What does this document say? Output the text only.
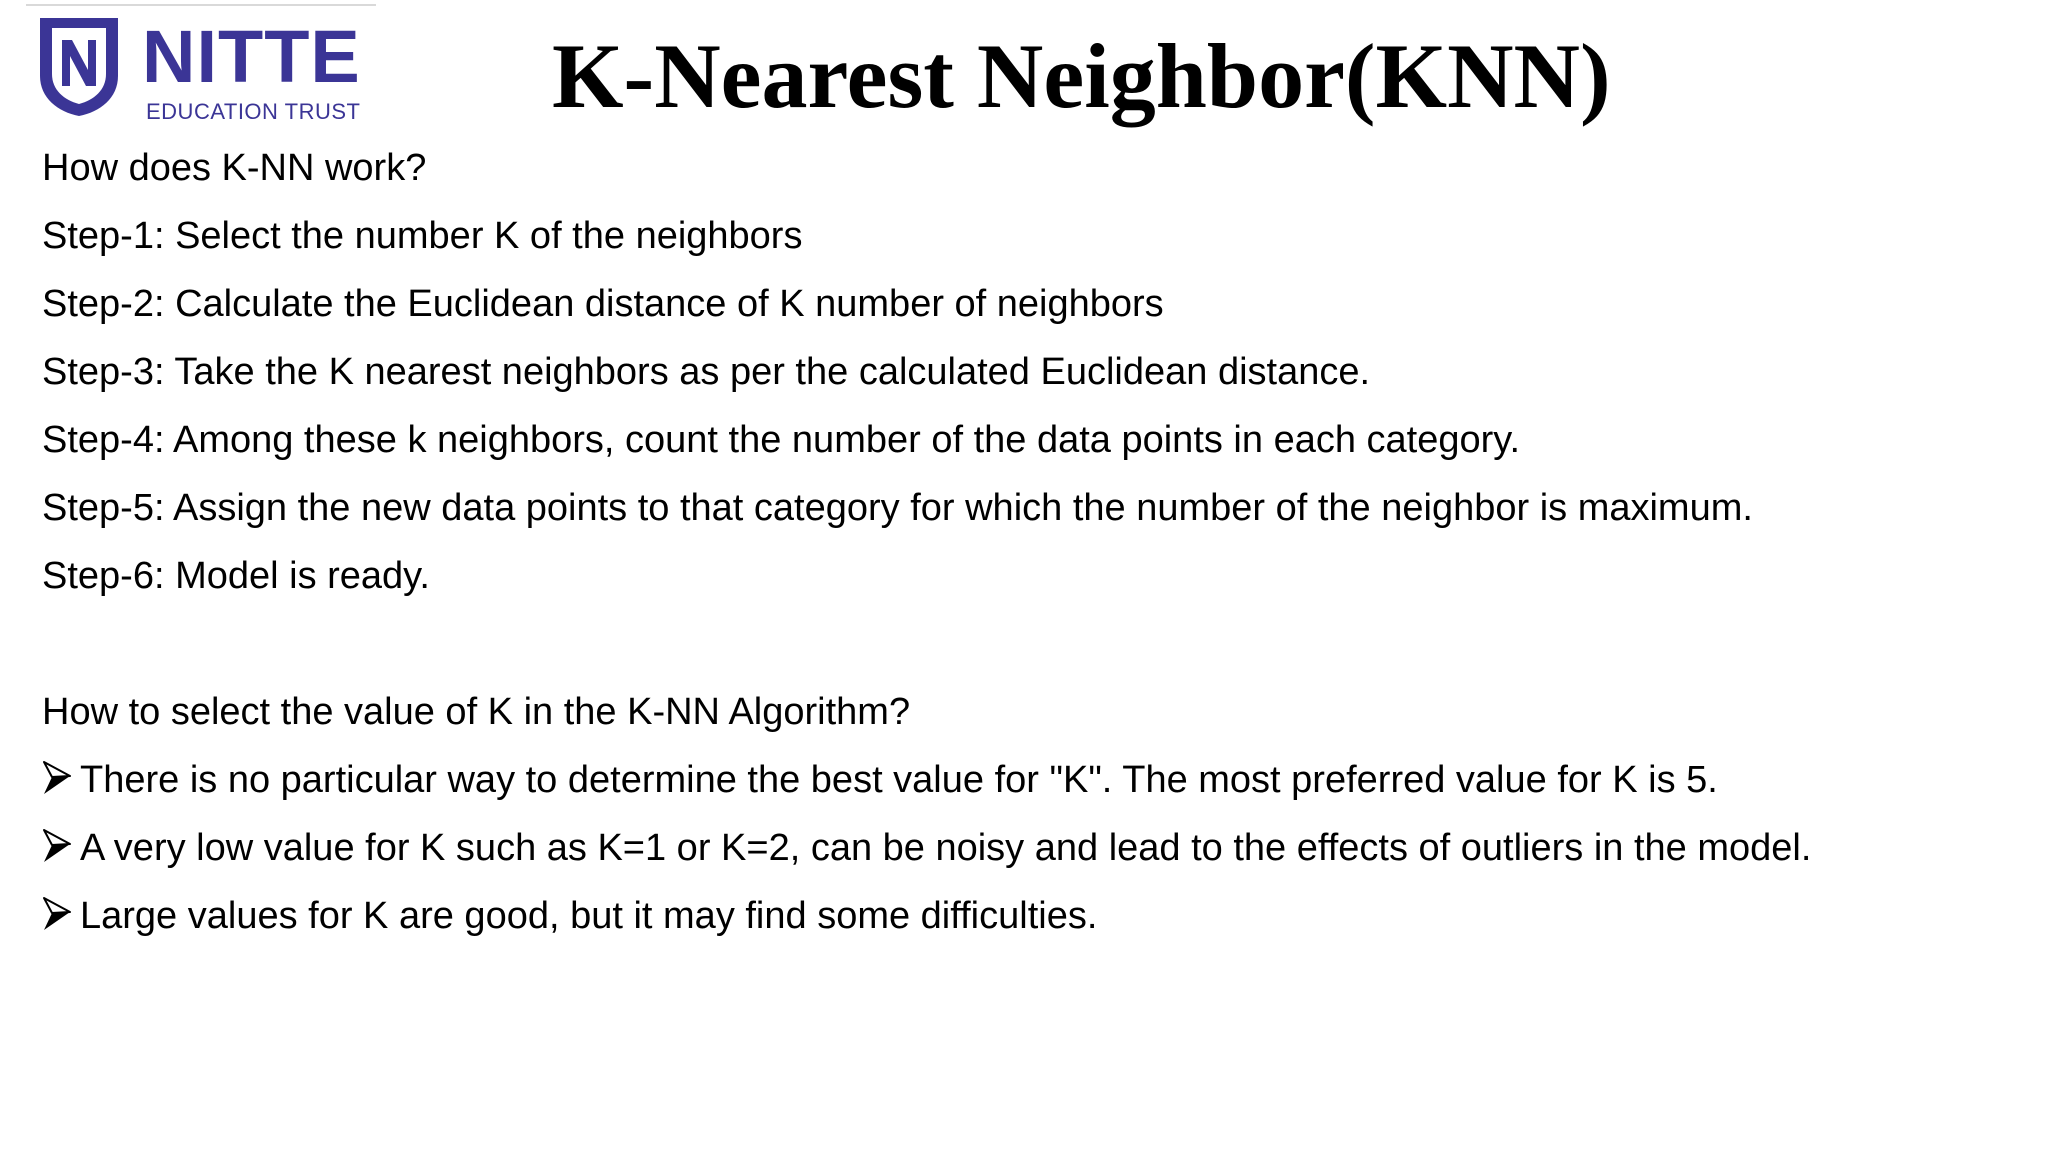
NITTE
EDUCATION TRUST K-Nearest Neighbor(KNN)
How does K-NN work?
Step-1: Select the number K of the neighbors
Step-2: Calculate the Euclidean distance of K number of neighbors
Step-3: Take the K nearest neighbors as per the calculated Euclidean distance.
Step-4: Among these k neighbors, count the number of the data points in each category.
Step-5: Assign the new data points to that category for which the number of the neighbor is maximum.
Step-6: Model is ready.
How to select the value of K in the K-NN Algorithm?
There is no particular way to determine the best value for "K". The most preferred value for K is 5.
A very low value for K such as K=1 or K=2, can be noisy and lead to the effects of outliers in the model.
Large values for K are good, but it may find some difficulties.
